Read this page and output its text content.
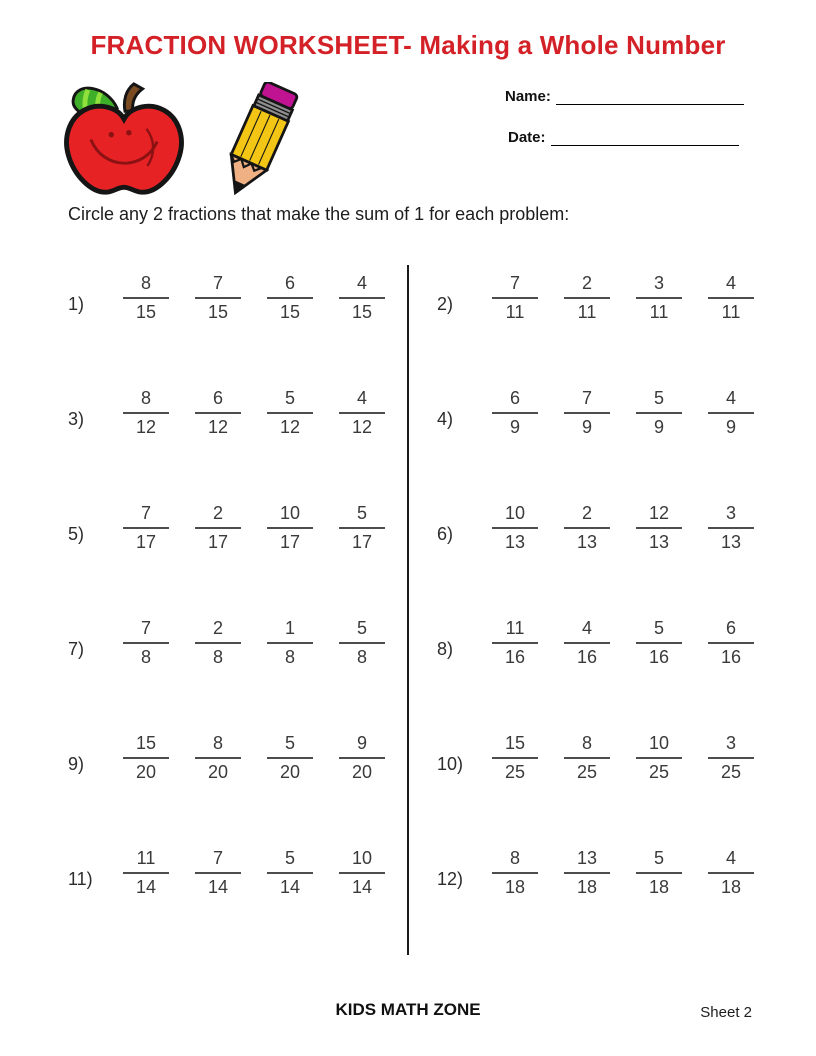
FRACTION WORKSHEET- Making a Whole Number
Name:
Date:

Circle any 2 fractions that make the sum of 1 for each problem:

1)	$\frac{8}{15} \frac{7}{15} \frac{6}{15} \frac{4}{15}$
3)	$\frac{8}{12} \frac{6}{12} \frac{5}{12} \frac{4}{12}$
5)	$\frac{7}{17} \frac{2}{17} \frac{10}{17} \frac{5}{17}$
7)	$\frac{7}{8} \frac{2}{8} \frac{1}{8} \frac{5}{8}$
9)	$\frac{15}{20} \frac{8}{20} \frac{5}{20} \frac{9}{20}$
$11) \frac{11}{14} \frac{7}{14} \frac{5}{14} \frac{10}{14}$
2)	$\frac{7}{11} \frac{2}{11} \frac{3}{11} \frac{4}{11}$
4)	$\frac{6}{9} \frac{7}{9} \frac{5}{9} \frac{4}{9}$
6)	$\frac{10}{13} \frac{2}{13} \frac{12}{13} \frac{3}{13}$
8)	$\frac{11}{16} \frac{4}{16} \frac{5}{16} \frac{6}{16}$
$10) \frac{15}{25} \frac{8}{25} \frac{10}{25} \frac{3}{25}$
$12) \frac{8}{18} \frac{13}{18} \frac{5}{18} \frac{4}{18}$
KIDS MATH ZONE	Sheet 2
